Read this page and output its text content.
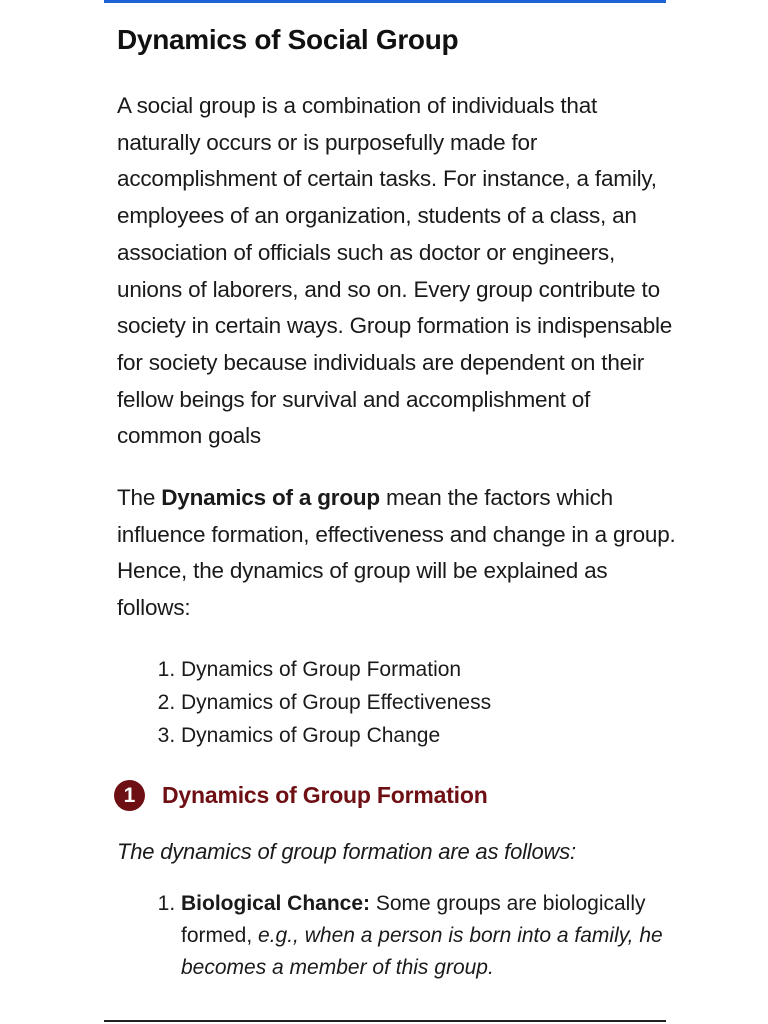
Dynamics of Social Group

A social group is a combination of individuals that naturally occurs or is purposefully made for accomplishment of certain tasks. For instance, a family, employees of an organization, students of a class, an association of officials such as doctor or engineers, unions of laborers, and so on. Every group contribute to society in certain ways. Group formation is indispensable for society because individuals are dependent on their fellow beings for survival and accomplishment of common goals

The Dynamics of a group mean the factors which influence formation, effectiveness and change in a group. Hence, the dynamics of group will be explained as follows:

1. Dynamics of Group Formation
2. Dynamics of Group Effectiveness
3. Dynamics of Group Change
1	Dynamics of Group Formation

The dynamics of group formation are as follows:

1. Biological Chance: Some groups are biologically formed, e.g., when a person is born into a family, he becomes a member of this group.
